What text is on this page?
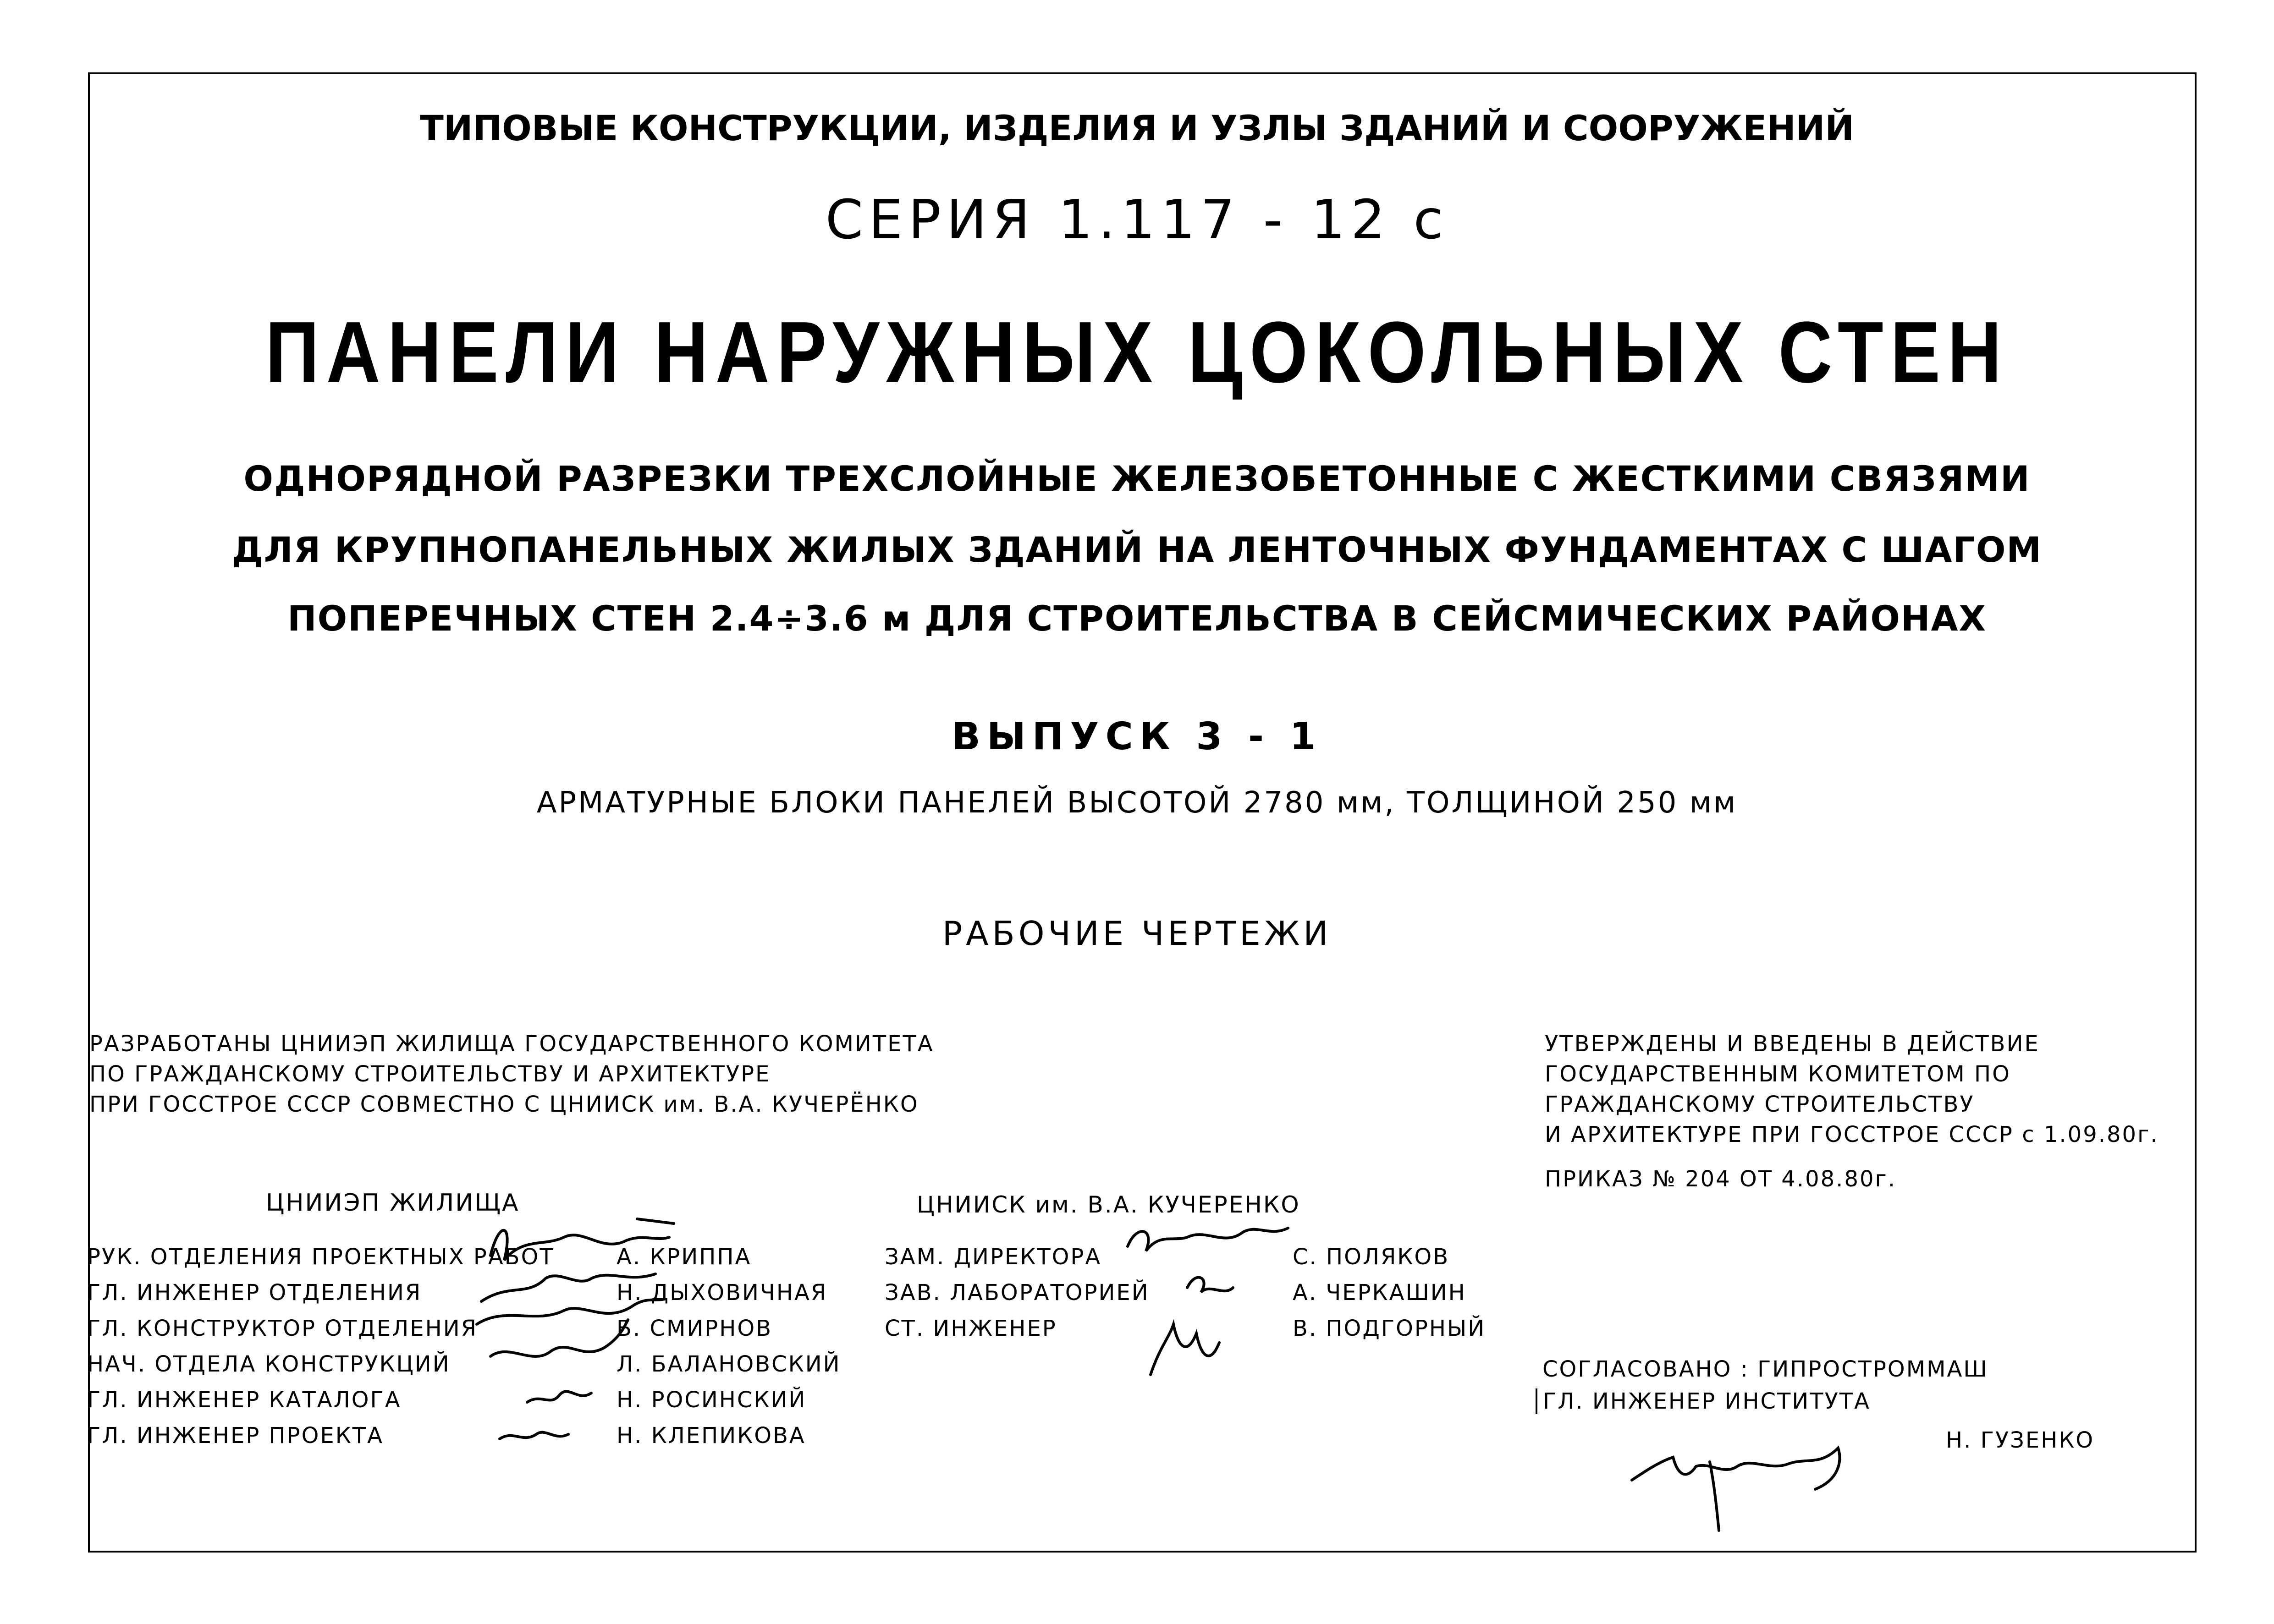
ТИПОВЫЕ КОНСТРУКЦИИ, ИЗДЕЛИЯ И УЗЛЫ ЗДАНИЙ И СООРУЖЕНИЙ
СЕРИЯ 1.117 - 12 с
ПАНЕЛИ НАРУЖНЫХ ЦОКОЛЬНЫХ СТЕН
ОДНОРЯДНОЙ РАЗРЕЗКИ ТРЕХСЛОЙНЫЕ ЖЕЛЕЗОБЕТОННЫЕ С ЖЕСТКИМИ СВЯЗЯМИ
ДЛЯ КРУПНОПАНЕЛЬНЫХ ЖИЛЫХ ЗДАНИЙ НА ЛЕНТОЧНЫХ ФУНДАМЕНТАХ С ШАГОМ
ПОПЕРЕЧНЫХ СТЕН 2.4÷3.6 м ДЛЯ СТРОИТЕЛЬСТВА В СЕЙСМИЧЕСКИХ РАЙОНАХ
ВЫПУСК 3 - 1
АРМАТУРНЫЕ БЛОКИ ПАНЕЛЕЙ ВЫСОТОЙ 2780 мм, ТОЛЩИНОЙ 250 мм
РАБОЧИЕ ЧЕРТЕЖИ
РАЗРАБОТАНЫ ЦНИИЭП ЖИЛИЩА ГОСУДАРСТВЕННОГО КОМИТЕТА
ПО ГРАЖДАНСКОМУ СТРОИТЕЛЬСТВУ И АРХИТЕКТУРЕ
ПРИ ГОССТРОЕ СССР СОВМЕСТНО С ЦНИИСК им. В.А. КУЧЕРЁНКО
УТВЕРЖДЕНЫ И ВВЕДЕНЫ В ДЕЙСТВИЕ
ГОСУДАРСТВЕННЫМ КОМИТЕТОМ ПО
ГРАЖДАНСКОМУ СТРОИТЕЛЬСТВУ
И АРХИТЕКТУРЕ ПРИ ГОССТРОЕ СССР с 1.09.80г.
ПРИКАЗ № 204 ОТ 4.08.80г.
ЦНИИЭП ЖИЛИЩА
РУК. ОТДЕЛЕНИЯ ПРОЕКТНЫХ РАБОТ	А. КРИППА
ГЛ. ИНЖЕНЕР ОТДЕЛЕНИЯ	Н. ДЫХОВИЧНАЯ
ГЛ. КОНСТРУКТОР ОТДЕЛЕНИЯ	Б. СМИРНОВ
НАЧ. ОТДЕЛА КОНСТРУКЦИЙ	Л. БАЛАНОВСКИЙ
ГЛ. ИНЖЕНЕР КАТАЛОГА	Н. РОСИНСКИЙ
ГЛ. ИНЖЕНЕР ПРОЕКТА	Н. КЛЕПИКОВА
ЦНИИСК им. В.А. КУЧЕРЕНКО
ЗАМ. ДИРЕКТОРА	С. ПОЛЯКОВ
ЗАВ. ЛАБОРАТОРИЕЙ	А. ЧЕРКАШИН
СТ. ИНЖЕНЕР	В. ПОДГОРНЫЙ
СОГЛАСОВАНО : ГИПРОСТРОММАШ
ГЛ. ИНЖЕНЕР ИНСТИТУТА
Н. ГУЗЕНКО
